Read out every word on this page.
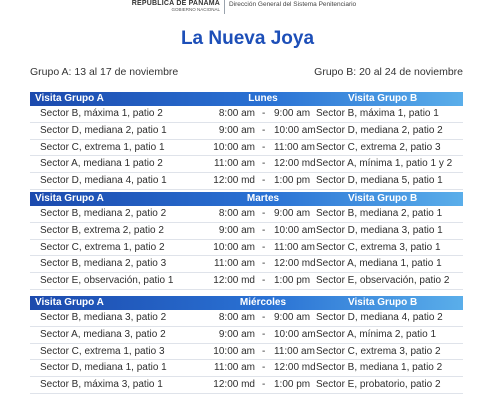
REPÚBLICA DE PANAMÁ
GOBIERNO NACIONAL
Dirección General del Sistema Penitenciario
La Nueva Joya
Grupo A: 13 al 17 de noviembre	Grupo B: 20 al 24 de noviembre
Visita Grupo A	Lunes	Visita Grupo B
Sector B, máxima 1, patio 2	8:00 am - 9:00 am Sector B, máxima 1, patio 1
Sector D, mediana 2, patio 1	9:00 am - 10:00 am Sector D, mediana 2, patio 2
Sector C, extrema 1, patio 1	10:00 am - 11:00 am Sector C, extrema 2, patio 3
Sector A, mediana 1 patio 2	11:00 am - 12:00 md Sector A, mínima 1, patio 1 y 2
Sector D, mediana 4, patio 1	12:00 md - 1:00 pm Sector D, mediana 5, patio 1
Visita Grupo A	Martes	Visita Grupo B
Sector B, mediana 2, patio 2	8:00 am - 9:00 am Sector B, mediana 2, patio 1
Sector B, extrema 2, patio 2	9:00 am - 10:00 am Sector D, mediana 3, patio 1
Sector C, extrema 1, patio 2	10:00 am - 11:00 am Sector C, extrema 3, patio 1
Sector B, mediana 2, patio 3	11:00 am - 12:00 md Sector A, mediana 1, patio 1
Sector E, observación, patio 1	12:00 md - 1:00 pm Sector E, observación, patio 2
Visita Grupo A	Miércoles	Visita Grupo B
Sector B, mediana 3, patio 2	8:00 am - 9:00 am Sector D, mediana 4, patio 2
Sector A, mediana 3, patio 2	9:00 am - 10:00 am Sector A, mínima 2, patio 1
Sector C, extrema 1, patio 3	10:00 am - 11:00 am Sector C, extrema 3, patio 2
Sector D, mediana 1, patio 1	11:00 am - 12:00 md Sector B, mediana 1, patio 2
Sector B, máxima 3, patio 1	12:00 md - 1:00 pm Sector E, probatorio, patio 2
